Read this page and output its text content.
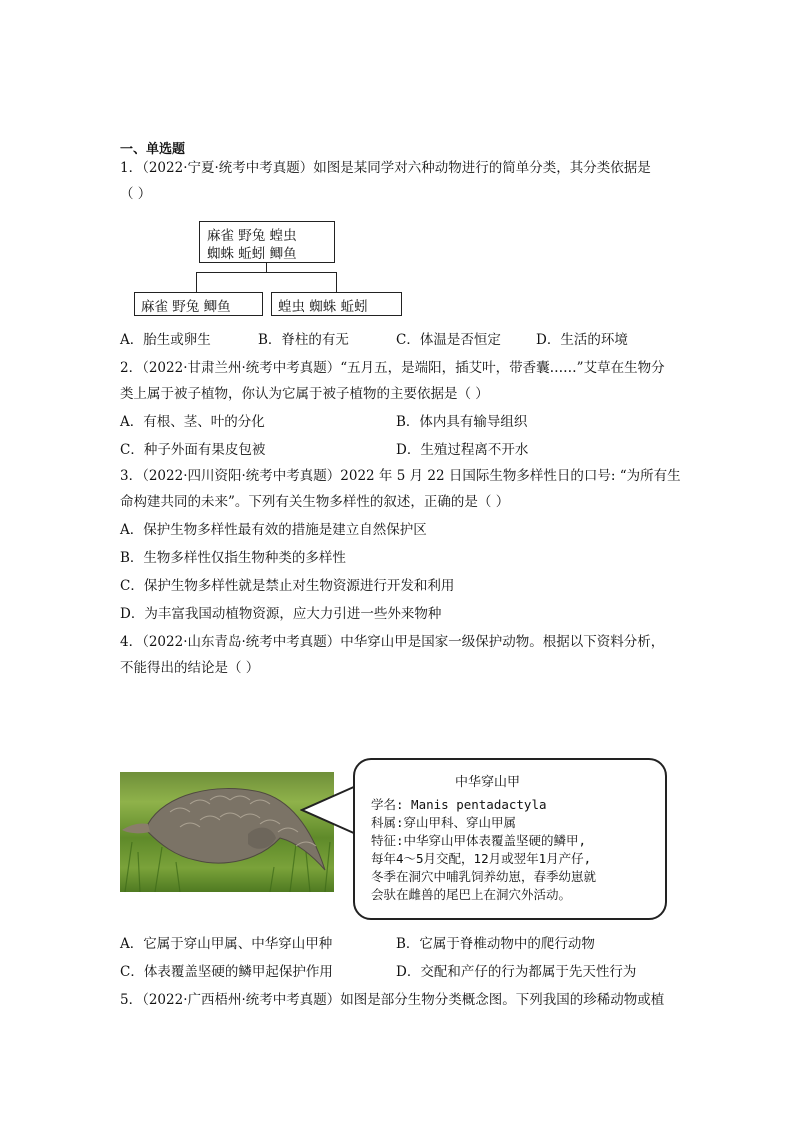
一、单选题
1．（2022·宁夏·统考中考真题）如图是某同学对六种动物进行的简单分类，其分类依据是
（ ）
麻雀 野兔 蝗虫
蜘蛛 蚯蚓 鲫鱼
麻雀 野兔 鲫鱼	蝗虫 蜘蛛 蚯蚓
A．胎生或卵生	B．脊柱的有无	C．体温是否恒定	D．生活的环境
2．（2022·甘肃兰州·统考中考真题）“五月五，是端阳，插艾叶，带香囊……”艾草在生物分
类上属于被子植物，你认为它属于被子植物的主要依据是（ ）
A．有根、茎、叶的分化	B．体内具有输导组织
C．种子外面有果皮包被	D．生殖过程离不开水
3．（2022·四川资阳·统考中考真题）2022 年 5 月 22 日国际生物多样性日的口号: “为所有生
命构建共同的未来”。下列有关生物多样性的叙述，正确的是（ ）
A．保护生物多样性最有效的措施是建立自然保护区
B．生物多样性仅指生物种类的多样性
C．保护生物多样性就是禁止对生物资源进行开发和利用
D．为丰富我国动植物资源，应大力引进一些外来物种
4．（2022·山东青岛·统考中考真题）中华穿山甲是国家一级保护动物。根据以下资料分析，
不能得出的结论是（ ）
中华穿山甲
学名: Manis pentadactyla
科属:穿山甲科、穿山甲属
特征:中华穿山甲体表覆盖坚硬的鳞甲,
每年4～5月交配，12月或翌年1月产仔,
冬季在洞穴中哺乳饲养幼崽，春季幼崽就
会驮在雌兽的尾巴上在洞穴外活动。
A．它属于穿山甲属、中华穿山甲种	B．它属于脊椎动物中的爬行动物
C．体表覆盖坚硬的鳞甲起保护作用	D．交配和产仔的行为都属于先天性行为
5．（2022·广西梧州·统考中考真题）如图是部分生物分类概念图。下列我国的珍稀动物或植
